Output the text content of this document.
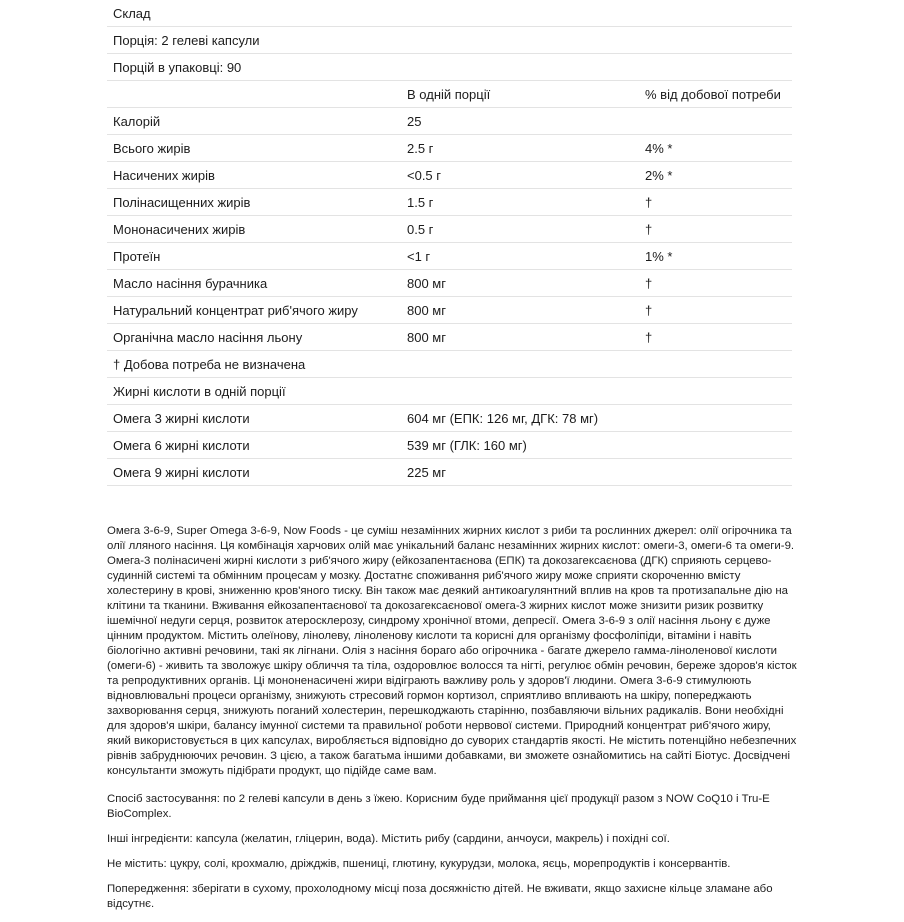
Склад		
Порція: 2 гелеві капсули		
Порцій в упаковці: 90		
	В одній порції	% від добової потреби
Калорій	25	
Всього жирів	2.5 г	4% *
Насичених жирів	<0.5 г	2% *
Полінасищенних жирів	1.5 г	†
Мононасичених жирів	0.5 г	†
Протеїн	<1 г	1% *
Масло насіння бурачника	800 мг	†
Натуральний концентрат риб'ячого жиру	800 мг	†
Органічна масло насіння льону	800 мг	†
† Добова потреба не визначена		
Жирні кислоти в одній порції		
Омега 3 жирні кислоти	604 мг (ЕПК: 126 мг, ДГК: 78 мг)	
Омега 6 жирні кислоти	539 мг (ГЛК: 160 мг)	
Омега 9 жирні кислоти	225 мг	

Омега 3-6-9, Super Omega 3-6-9, Now Foods - це суміш незамінних жирних кислот з риби та рослинних джерел: олії огірочника та олії лляного насіння. Ця комбінація харчових олій має унікальний баланс незамінних жирних кислот: омеги-3, омеги-6 та омеги-9. Омега-3 полінасичені жирні кислоти з риб'ячого жиру (ейкозапентаєнова (ЕПК) та докозагексаєнова (ДГК) сприяють серцево-судинній системі та обмінним процесам у мозку. Достатнє споживання риб'ячого жиру може сприяти скороченню вмісту холестерину в крові, зниженню кров'яного тиску. Він також має деякий антикоагулянтний вплив на кров та протизапальне дію на клітини та тканини. Вживання ейкозапентаєнової та докозагексаєнової омега-3 жирних кислот може знизити ризик розвитку ішемічної недуги серця, розвиток атеросклерозу, синдрому хронічної втоми, депресії. Омега 3-6-9 з олії насіння льону є дуже цінним продуктом. Містить олеїнову, лінолеву, ліноленову кислоти та корисні для організму фосфоліпіди, вітаміни і навіть біологічно активні речовини, такі як лігнани. Олія з насіння бораго або огірочника - багате джерело гамма-ліноленової кислоти (омеги-6) - живить та зволожує шкіру обличчя та тіла, оздоровлює волосся та нігті, регулює обмін речовин, береже здоров'я кісток та репродуктивних органів. Ці мононенасичені жири відіграють важливу роль у здоров'ї людини. Омега 3-6-9 стимулюють відновлювальні процеси організму, знижують стресовий гормон кортизол, сприятливо впливають на шкіру, попереджають захворювання серця, знижують поганий холестерин, перешкоджають старінню, позбавляючи вільних радикалів. Вони необхідні для здоров'я шкіри, балансу імунної системи та правильної роботи нервової системи. Природний концентрат риб'ячого жиру, який використовується в цих капсулах, виробляється відповідно до суворих стандартів якості. Не містить потенційно небезпечних рівнів забруднюючих речовин. З цією, а також багатьма іншими добавками, ви зможете ознайомитись на сайті Біотус. Досвідчені консультанти зможуть підібрати продукт, що підійде саме вам.

Спосіб застосування: по 2 гелеві капсули в день з їжею. Корисним буде приймання цієї продукції разом з NOW CoQ10 і Tru-E BioComplex.

Інші інгредієнти: капсула (желатин, гліцерин, вода). Містить рибу (сардини, анчоуси, макрель) і похідні сої.

Не містить: цукру, солі, крохмалю, дріжджів, пшениці, глютину, кукурудзи, молока, яєць, морепродуктів і консервантів.

Попередження: зберігати в сухому, прохолодному місці поза досяжністю дітей. Не вживати, якщо захисне кільце зламане або відсутнє.
